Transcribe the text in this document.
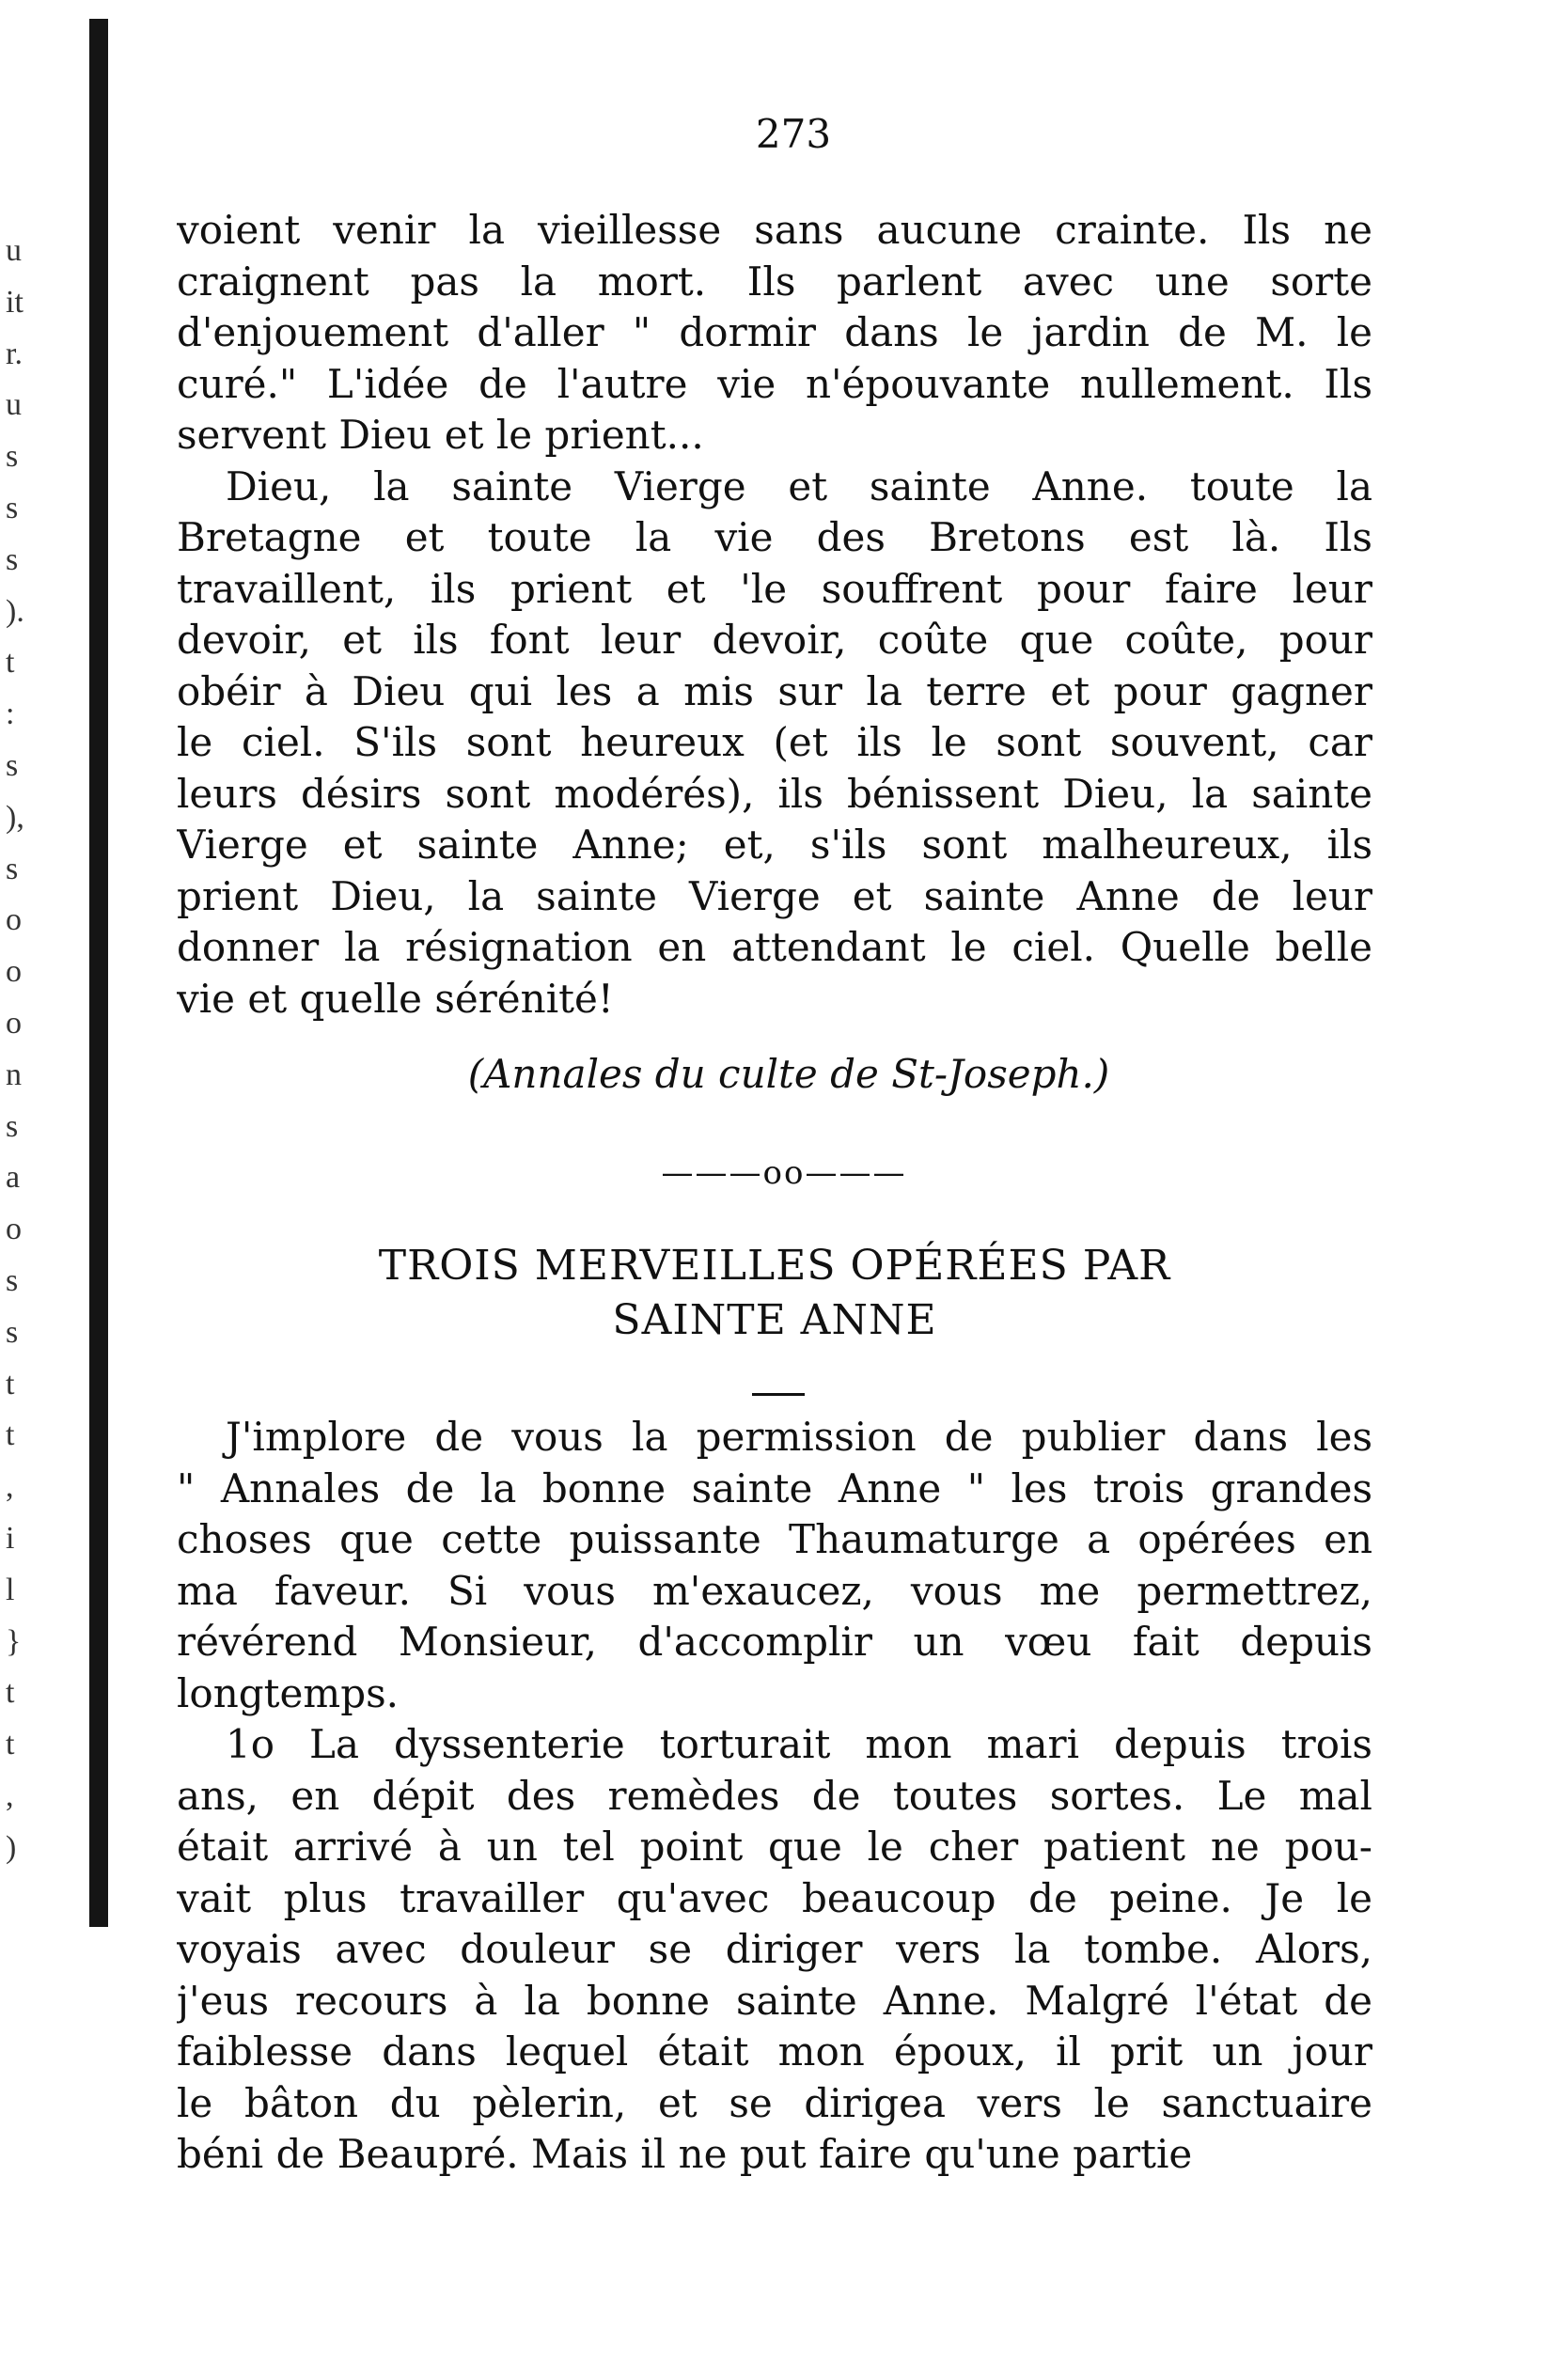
u
it
r.
u
s
s
s
).
t
:
s
),
s
o
o
o
n
s
a
o
s
s
t
t
,
i
l
}
t
t
,
)
273
voient venir la vieillesse sans aucune crainte. Ils ne
craignent pas la mort. Ils parlent avec une sorte
d'enjouement d'aller " dormir dans le jardin de M. le
curé." L'idée de l'autre vie n'épouvante nullement. Ils
servent Dieu et le prient...
Dieu, la sainte Vierge et sainte Anne. toute la
Bretagne et toute la vie des Bretons est là. Ils
travaillent, ils prient et 'le souffrent pour faire leur
devoir, et ils font leur devoir, coûte que coûte, pour
obéir à Dieu qui les a mis sur la terre et pour gagner
le ciel. S'ils sont heureux (et ils le sont souvent, car
leurs désirs sont modérés), ils bénissent Dieu, la sainte
Vierge et sainte Anne; et, s'ils sont malheureux, ils
prient Dieu, la sainte Vierge et sainte Anne de leur
donner la résignation en attendant le ciel. Quelle belle
vie et quelle sérénité!
(Annales du culte de St-Joseph.)
———oo———
TROIS MERVEILLES OPÉRÉES PAR
SAINTE ANNE
J'implore de vous la permission de publier dans les
" Annales de la bonne sainte Anne " les trois grandes
choses que cette puissante Thaumaturge a opérées en
ma faveur. Si vous m'exaucez, vous me permettrez,
révérend Monsieur, d'accomplir un vœu fait depuis
longtemps.
1o La dyssenterie torturait mon mari depuis trois
ans, en dépit des remèdes de toutes sortes. Le mal
était arrivé à un tel point que le cher patient ne pou-
vait plus travailler qu'avec beaucoup de peine. Je le
voyais avec douleur se diriger vers la tombe. Alors,
j'eus recours à la bonne sainte Anne. Malgré l'état de
faiblesse dans lequel était mon époux, il prit un jour
le bâton du pèlerin, et se dirigea vers le sanctuaire
béni de Beaupré. Mais il ne put faire qu'une partie
